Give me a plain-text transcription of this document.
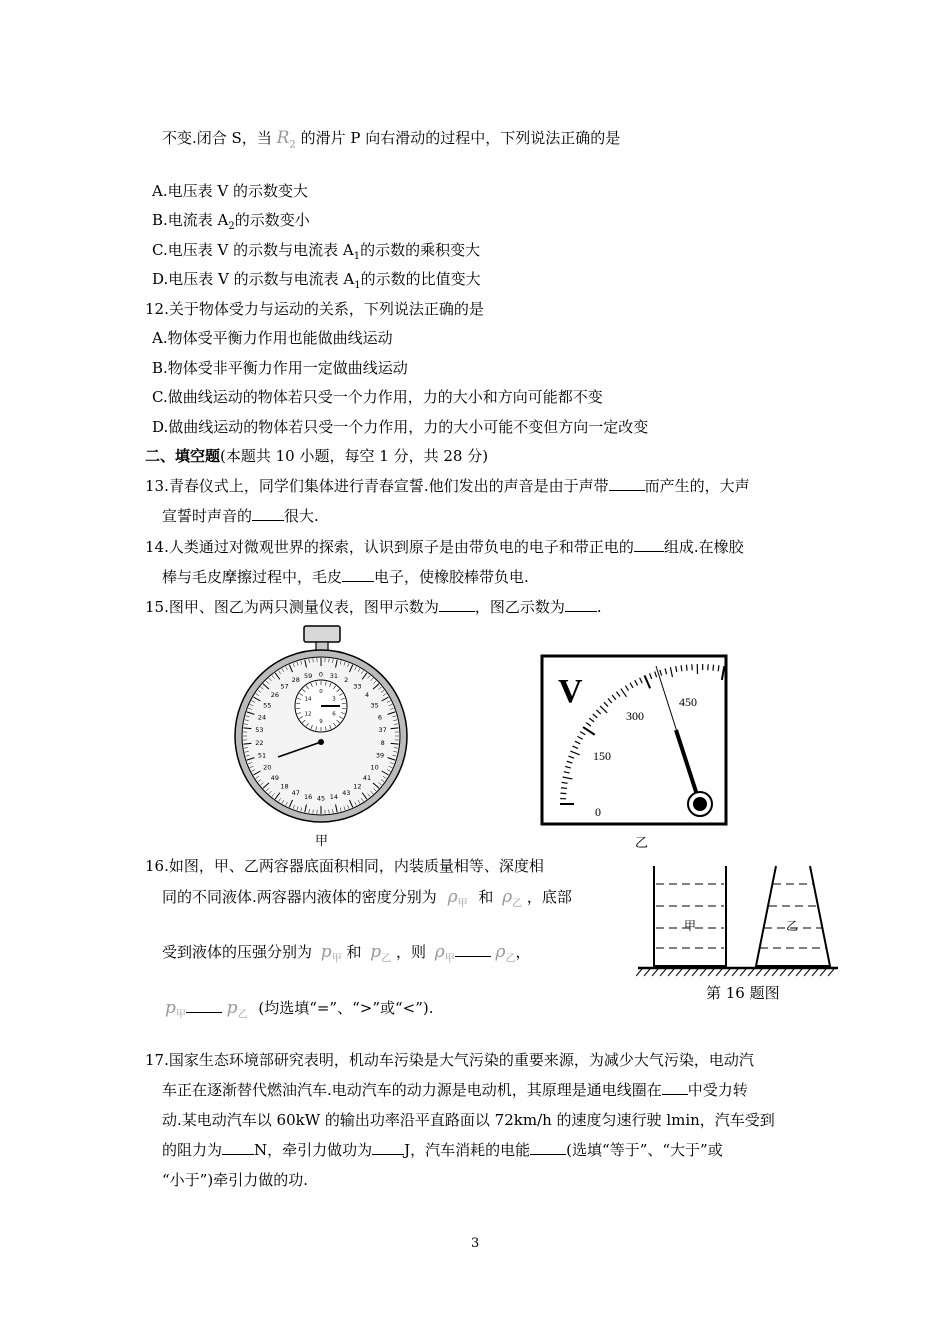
不变.闭合 S，当 $R_2$ 的滑片 P 向右滑动的过程中，下列说法正确的是
A.电压表 V 的示数变大
B.电流表 $A_2$的示数变小
C.电压表 V 的示数与电流表 $A_1$的示数的乘积变大
D.电压表 V 的示数与电流表 $A_1$的示数的比值变大
12.关于物体受力与运动的关系，下列说法正确的是
A.物体受平衡力作用也能做曲线运动
B.物体受非平衡力作用一定做曲线运动
C.做曲线运动的物体若只受一个力作用，力的大小和方向可能都不变
D.做曲线运动的物体若只受一个力作用，力的大小可能不变但方向一定改变
二、填空题(本题共 10 小题，每空 1 分，共 28 分)
13.青春仪式上，同学们集体进行青春宣誓.他们发出的声音是由于声带 而产生的，大声
宣誓时声音的 很大.
14.人类通过对微观世界的探索，认识到原子是由带负电的电子和带正电的 组成.在橡胶
棒与毛皮摩擦过程中，毛皮 电子，使橡胶棒带负电.
15.图甲、图乙为两只测量仪表，图甲示数为 ，图乙示数为 .
31
2
33
4
35
6
37
8
39
10
41
12
43
14
45
16
47
18
49
20
51
22
53
24
55
26
57
28
59 0
0
3
6
9
12
14
甲
V
0
150
300
450
乙
16.如图，甲、乙两容器底面积相同，内装质量相等、深度相
同的不同液体.两容器内液体的密度分别为 $\rho_甲$ 和 $\rho_乙$ ，底部
受到液体的压强分别为 $p_甲$ 和 $p_乙$ ，则 $\rho_甲$ $\rho_乙$，
$p_甲$ $p_乙$ (均选填“=”、“>”或“<”).
甲	乙
第 16 题图
17.国家生态环境部研究表明，机动车污染是大气污染的重要来源，为减少大气污染，电动汽
车正在逐渐替代燃油汽车.电动汽车的动力源是电动机，其原理是通电线圈在 中受力转
动.某电动汽车以 60kW 的输出功率沿平直路面以 72km/h 的速度匀速行驶 lmin，汽车受到
的阻力为 N，牵引力做功为 J，汽车消耗的电能 (选填“等于”、“大于”或
“小于”)牵引力做的功.
3
